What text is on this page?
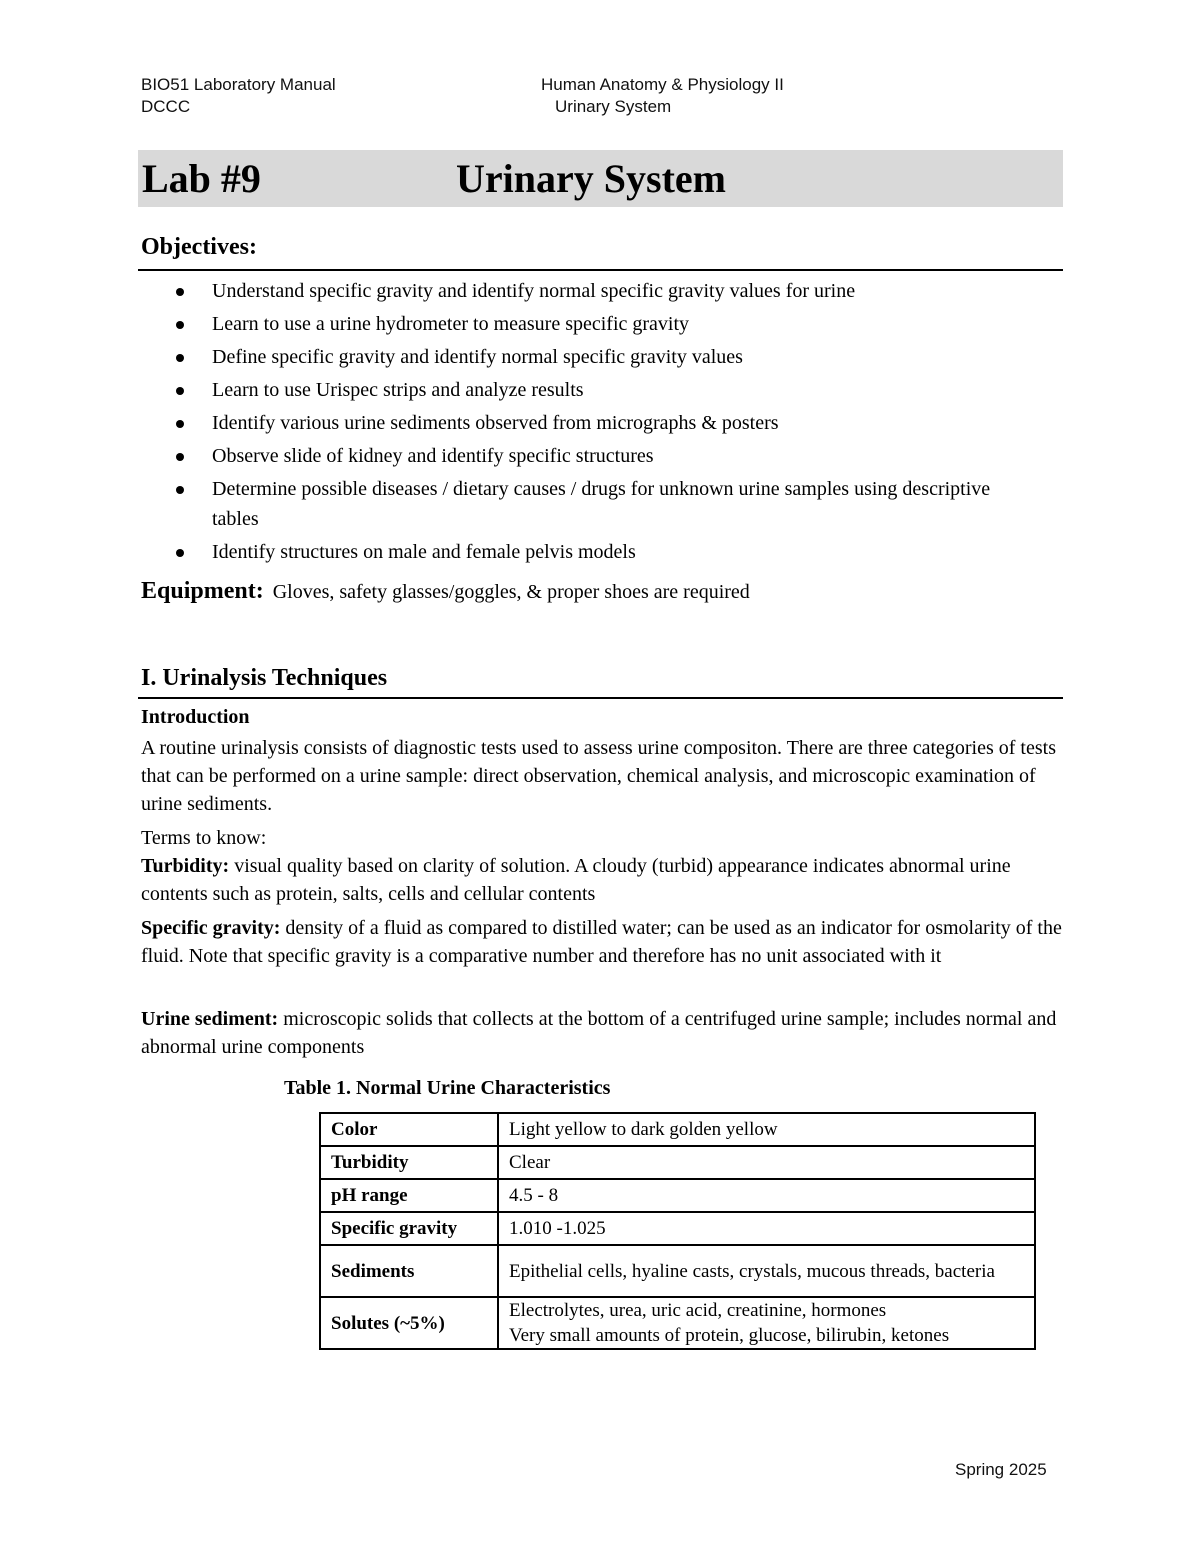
BIO51 Laboratory Manual
DCCC
Human Anatomy & Physiology II
Urinary System
Lab #9	Urinary System
Objectives:
Understand specific gravity and identify normal specific gravity values for urine
Learn to use a urine hydrometer to measure specific gravity
Define specific gravity and identify normal specific gravity values
Learn to use Urispec strips and analyze results
Identify various urine sediments observed from micrographs & posters
Observe slide of kidney and identify specific structures
Determine possible diseases / dietary causes / drugs for unknown urine samples using descriptive tables
Identify structures on male and female pelvis models
Equipment: Gloves, safety glasses/goggles, & proper shoes are required
I. Urinalysis Techniques
Introduction
A routine urinalysis consists of diagnostic tests used to assess urine compositon. There are three categories of tests that can be performed on a urine sample: direct observation, chemical analysis, and microscopic examination of urine sediments.
Terms to know:
Turbidity: visual quality based on clarity of solution. A cloudy (turbid) appearance indicates abnormal urine contents such as protein, salts, cells and cellular contents
Specific gravity: density of a fluid as compared to distilled water; can be used as an indicator for osmolarity of the fluid. Note that specific gravity is a comparative number and therefore has no unit associated with it
Urine sediment: microscopic solids that collects at the bottom of a centrifuged urine sample; includes normal and abnormal urine components
Table 1. Normal Urine Characteristics
Color	Light yellow to dark golden yellow
Turbidity	Clear
pH range	4.5 - 8
Specific gravity	1.010 -1.025
Sediments	Epithelial cells, hyaline casts, crystals, mucous threads, bacteria
Solutes (~5%)	Electrolytes, urea, uric acid, creatinine, hormones
Very small amounts of protein, glucose, bilirubin, ketones
Spring 2025
